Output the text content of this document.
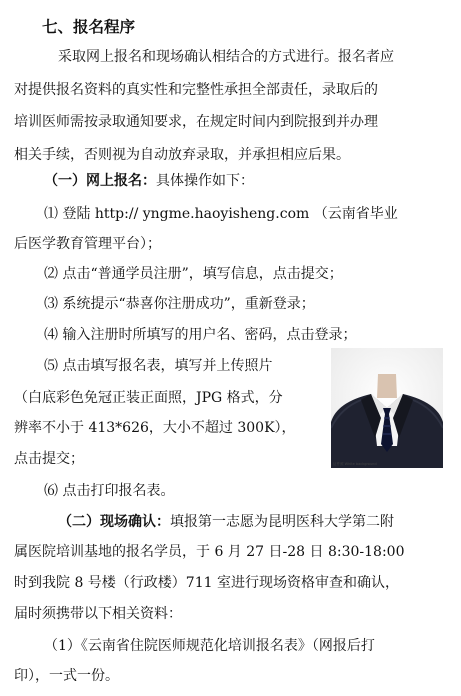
七、报名程序
采取网上报名和现场确认相结合的方式进行。报名者应
对提供报名资料的真实性和完整性承担全部责任，录取后的
培训医师需按录取通知要求，在规定时间内到院报到并办理
相关手续，否则视为自动放弃录取，并承担相应后果。
（一）网上报名：具体操作如下：
⑴ 登陆 http:// yngme.haoyisheng.com （云南省毕业
后医学教育管理平台）；
⑵ 点击“普通学员注册”，填写信息，点击提交；
⑶ 系统提示“恭喜你注册成功”，重新登录；
⑷ 输入注册时所填写的用户名、密码，点击登录；
⑸ 点击填写报名表，填写并上传照片
（白底彩色免冠正装正面照，JPG 格式，分
辨率不小于 413*626，大小不超过 300K），
点击提交；
⑹ 点击打印报名表。
证件照 White background
（二）现场确认：填报第一志愿为昆明医科大学第二附
属医院培训基地的报名学员，于 6 月 27 日-28 日 8:30-18:00
时到我院 8 号楼（行政楼）711 室进行现场资格审查和确认，
届时须携带以下相关资料：
（1）《云南省住院医师规范化培训报名表》（网报后打
印），一式一份。
